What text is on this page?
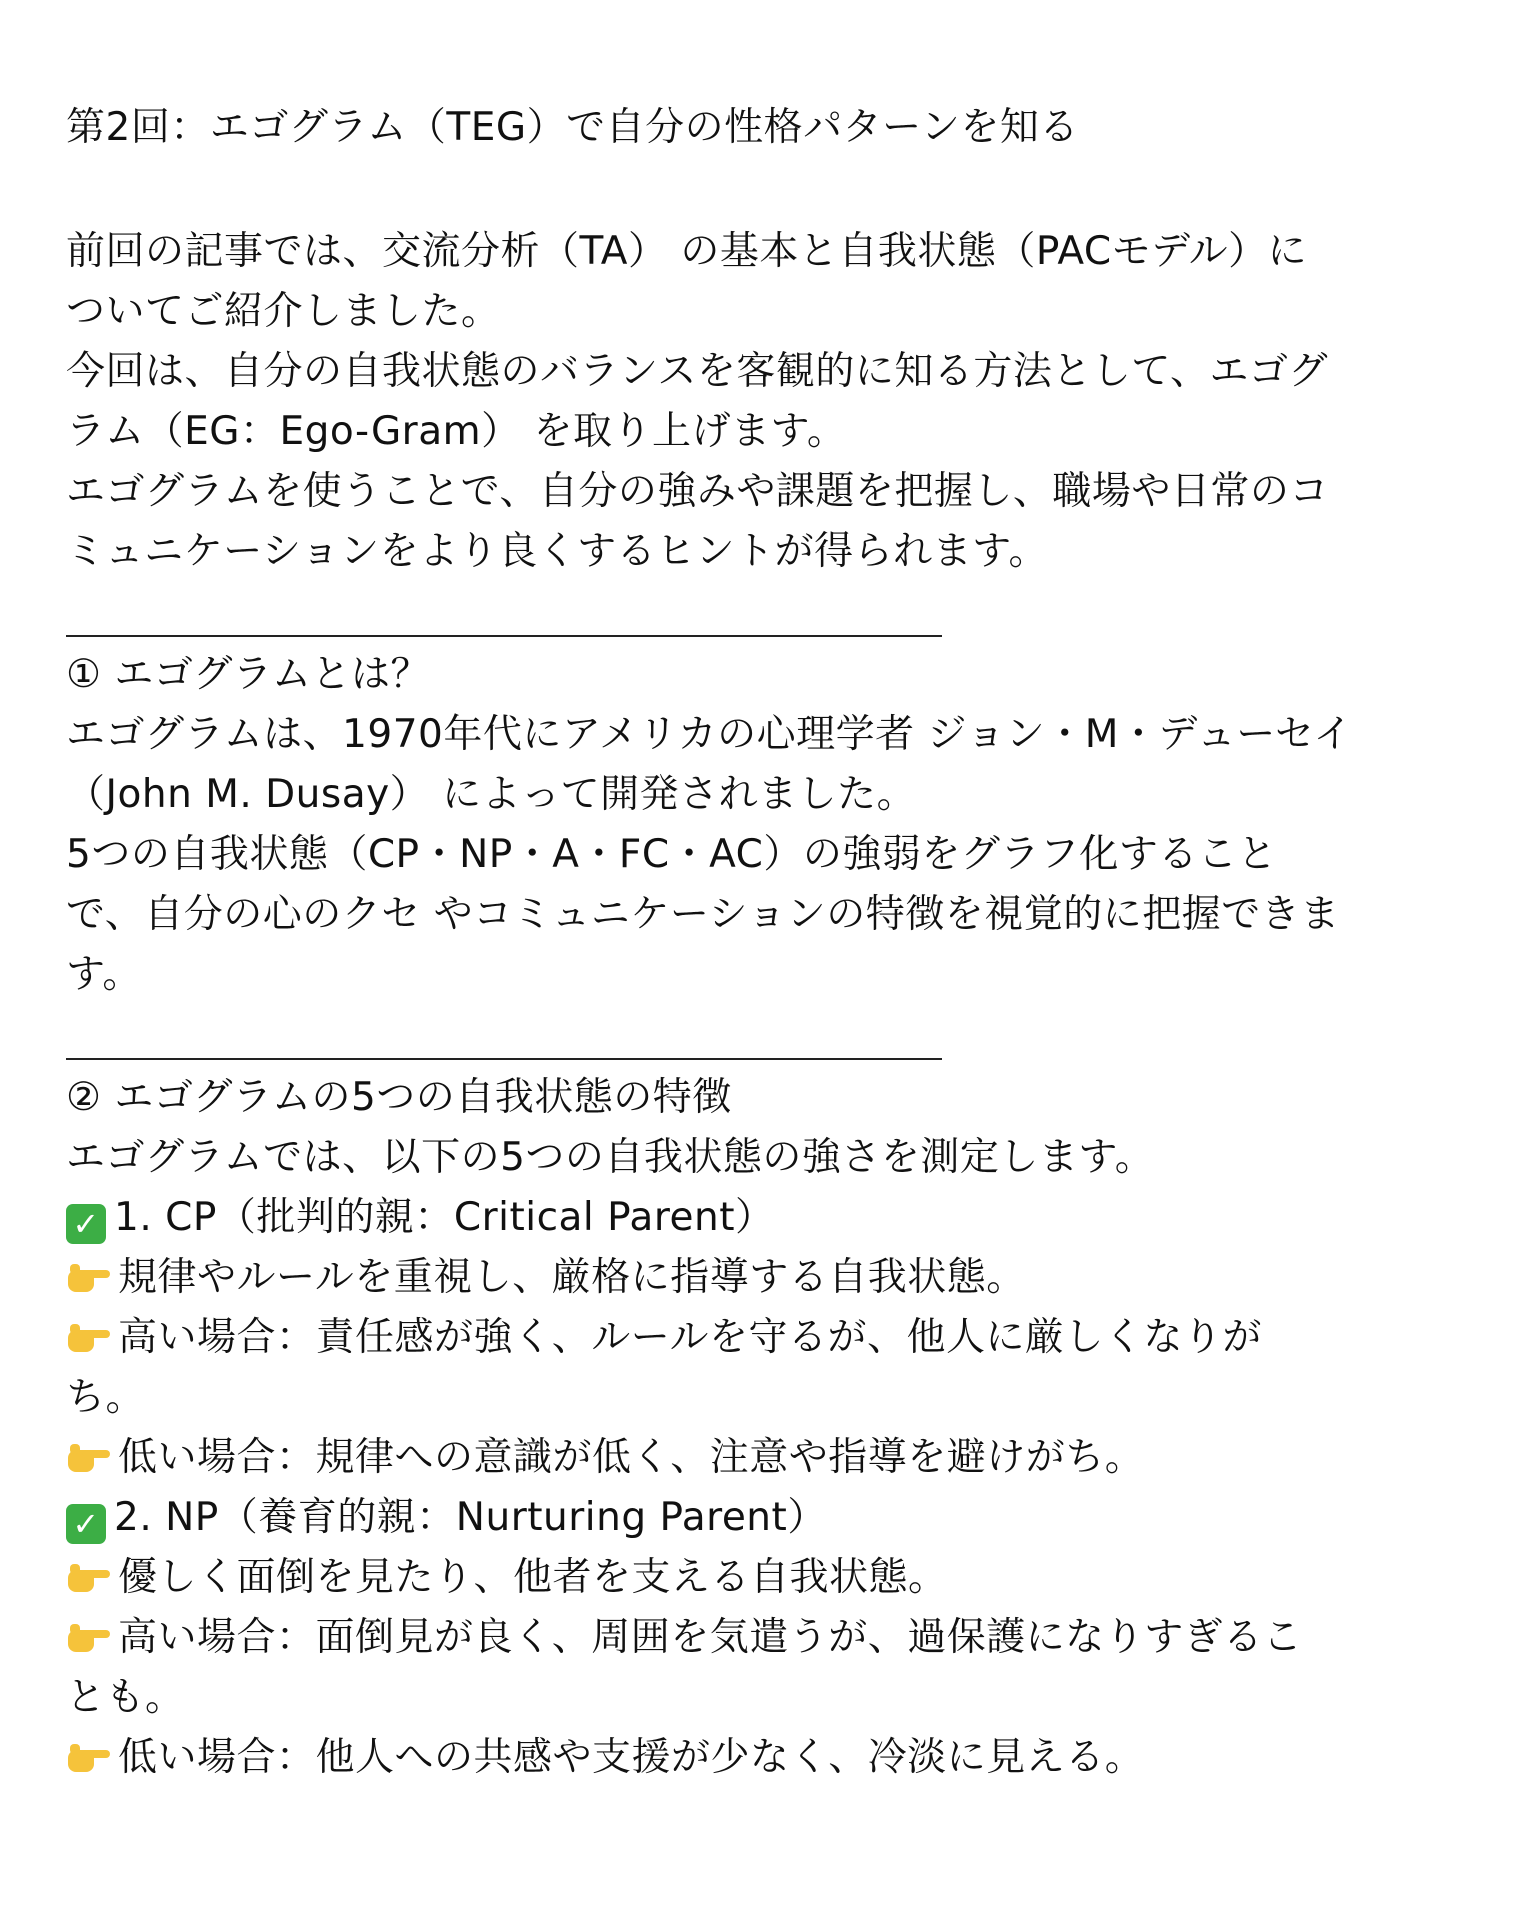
第2回：エゴグラム（TEG）で自分の性格パターンを知る
前回の記事では、交流分析（TA） の基本と自我状態（PACモデル）に
ついてご紹介しました。
今回は、自分の自我状態のバランスを客観的に知る方法として、エゴグ
ラム（EG：Ego-Gram） を取り上げます。
エゴグラムを使うことで、自分の強みや課題を把握し、職場や日常のコ
ミュニケーションをより良くするヒントが得られます。
① エゴグラムとは？
エゴグラムは、1970年代にアメリカの心理学者 ジョン・M・デューセイ
（John M. Dusay） によって開発されました。
5つの自我状態（CP・NP・A・FC・AC）の強弱をグラフ化すること
で、自分の心のクセ やコミュニケーションの特徴を視覚的に把握できま
す。
② エゴグラムの5つの自我状態の特徴
エゴグラムでは、以下の5つの自我状態の強さを測定します。
✓ 1. CP（批判的親：Critical Parent）
規律やルールを重視し、厳格に指導する自我状態。
高い場合：責任感が強く、ルールを守るが、他人に厳しくなりが
ち。
低い場合：規律への意識が低く、注意や指導を避けがち。
✓ 2. NP（養育的親：Nurturing Parent）
優しく面倒を見たり、他者を支える自我状態。
高い場合：面倒見が良く、周囲を気遣うが、過保護になりすぎるこ
とも。
低い場合：他人への共感や支援が少なく、冷淡に見える。
